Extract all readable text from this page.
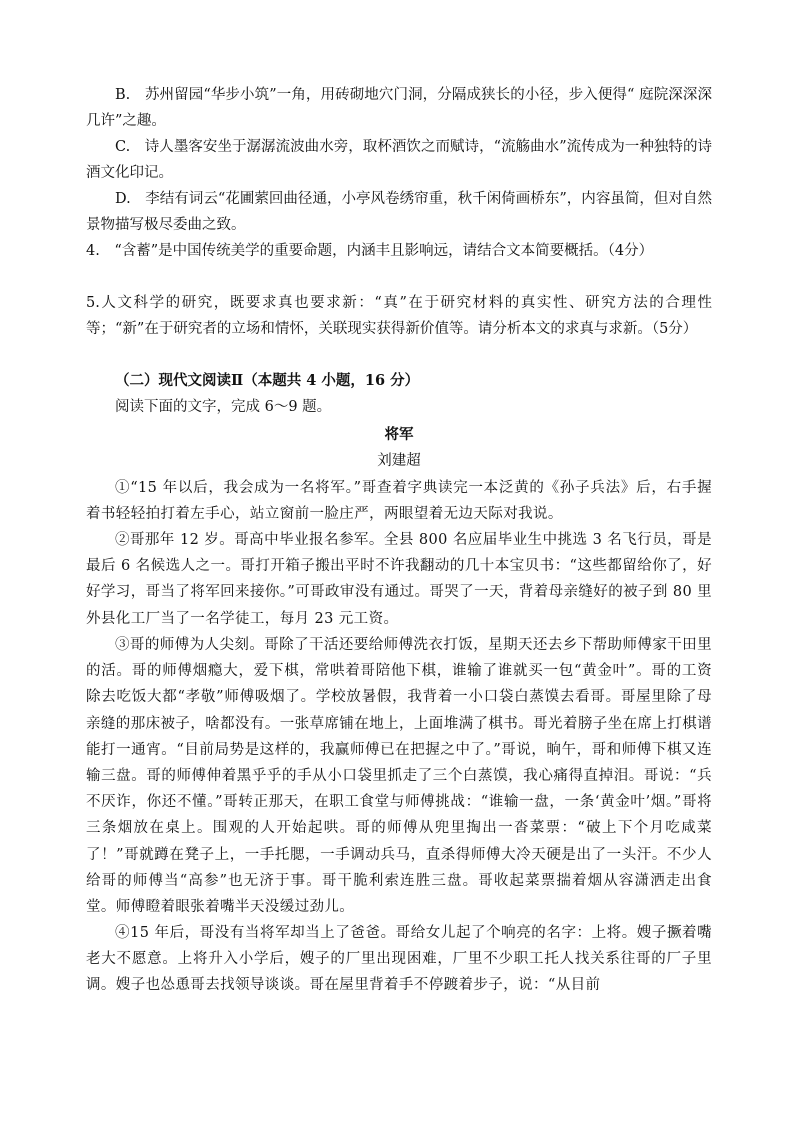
B.　苏州留园“华步小筑”一角，用砖砌地穴门洞，分隔成狭长的小径，步入便得“ 庭院深深深几许”之趣。

C.　诗人墨客安坐于潺潺流波曲水旁，取杯酒饮之而赋诗，“流觞曲水”流传成为一种独特的诗酒文化印记。

D.　李结有词云“花圃萦回曲径通，小亭风卷绣帘重，秋千闲倚画桥东”，内容虽简，但对自然景物描写极尽委曲之致。

4.　“含蓄”是中国传统美学的重要命题，内涵丰且影响远，请结合文本简要概括。（4分）

5.人文科学的研究，既要求真也要求新：“真”在于研究材料的真实性、研究方法的合理性等；“新”在于研究者的立场和情怀，关联现实获得新价值等。请分析本文的求真与求新。（5分）

（二）现代文阅读Ⅱ（本题共 4 小题，16 分）

阅读下面的文字，完成 6～9 题。

将军

刘建超

①“15 年以后，我会成为一名将军。”哥查着字典读完一本泛黄的《孙子兵法》后，右手握着书轻轻拍打着左手心，站立窗前一脸庄严，两眼望着无边天际对我说。

②哥那年 12 岁。哥高中毕业报名参军。全县 800 名应届毕业生中挑选 3 名飞行员，哥是最后 6 名候选人之一。哥打开箱子搬出平时不许我翻动的几十本宝贝书：“这些都留给你了，好好学习，哥当了将军回来接你。”可哥政审没有通过。哥哭了一天，背着母亲缝好的被子到 80 里外县化工厂当了一名学徒工，每月 23 元工资。

③哥的师傅为人尖刻。哥除了干活还要给师傅洗衣打饭，星期天还去乡下帮助师傅家干田里的活。哥的师傅烟瘾大，爱下棋，常哄着哥陪他下棋，谁输了谁就买一包“黄金叶”。哥的工资除去吃饭大都“孝敬”师傅吸烟了。学校放暑假，我背着一小口袋白蒸馍去看哥。哥屋里除了母亲缝的那床被子，啥都没有。一张草席铺在地上，上面堆满了棋书。哥光着膀子坐在席上打棋谱能打一通宵。“目前局势是这样的，我赢师傅已在把握之中了。”哥说，晌午，哥和师傅下棋又连输三盘。哥的师傅伸着黑乎乎的手从小口袋里抓走了三个白蒸馍，我心痛得直掉泪。哥说：“兵不厌诈，你还不懂。”哥转正那天，在职工食堂与师傅挑战：“谁输一盘，一条‘黄金叶’烟。”哥将三条烟放在桌上。围观的人开始起哄。哥的师傅从兜里掏出一沓菜票：“破上下个月吃咸菜了！”哥就蹲在凳子上，一手托腮，一手调动兵马，直杀得师傅大冷天硬是出了一头汗。不少人给哥的师傅当“高参”也无济于事。哥干脆利索连胜三盘。哥收起菜票揣着烟从容潇洒走出食堂。师傅瞪着眼张着嘴半天没缓过劲儿。

④15 年后，哥没有当将军却当上了爸爸。哥给女儿起了个响亮的名字：上将。嫂子撅着嘴老大不愿意。上将升入小学后，嫂子的厂里出现困难，厂里不少职工托人找关系往哥的厂子里调。嫂子也怂恿哥去找领导谈谈。哥在屋里背着手不停踱着步子，说：“从目前
